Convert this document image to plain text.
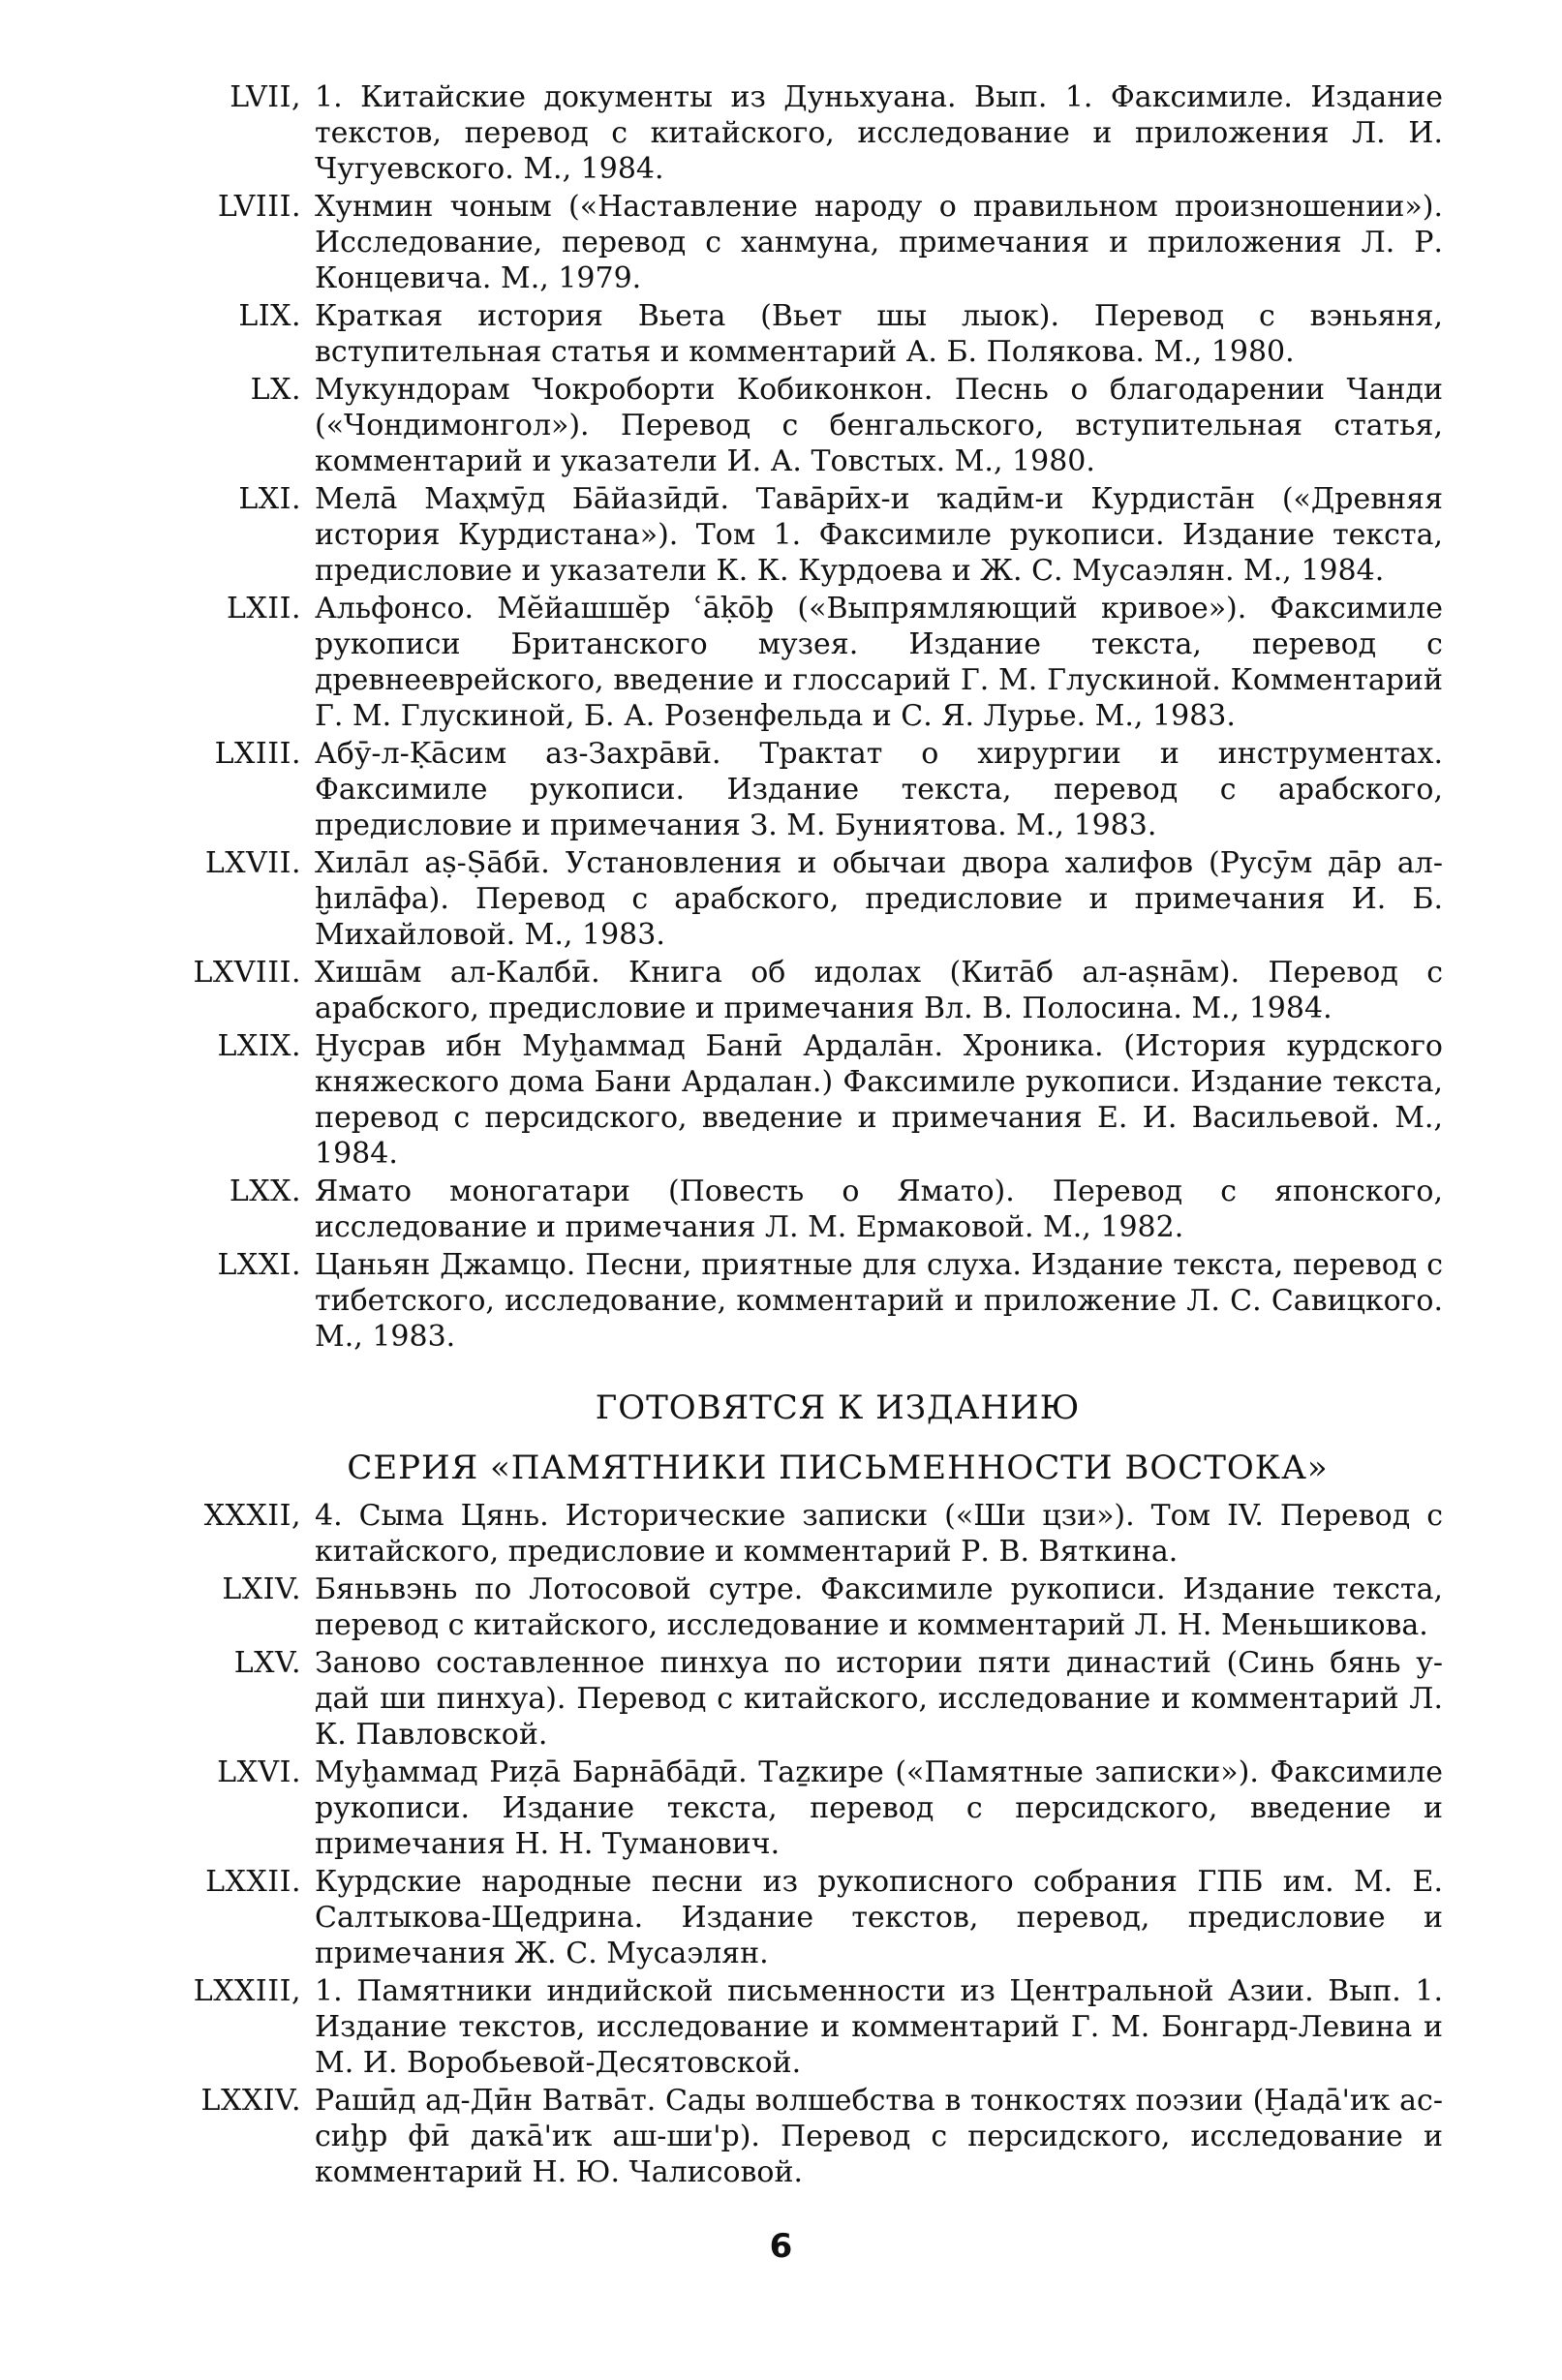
LVII, 1. Китайские документы из Дуньхуана. Вып. 1. Факсимиле. Издание текстов, перевод с китайского, исследование и приложения Л. И. Чугуевского. М., 1984.
LVIII. Хунмин чоным («Наставление народу о правильном произношении»). Исследование, перевод с ханмуна, примечания и приложения Л. Р. Концевича. М., 1979.
LIX. Краткая история Вьета (Вьет шы лыок). Перевод с вэньяня, вступительная статья и комментарий А. Б. Полякова. М., 1980.
LX. Мукундорам Чокроборти Кобиконкон. Песнь о благодарении Чанди («Чондимонгол»). Перевод с бенгальского, вступительная статья, комментарий и указатели И. А. Товстых. М., 1980.
LXI. Мелā Маҳмӯд Бāйазӣдӣ. Тавāрӣх-и ҡадӣм-и Курдистāн («Древняя история Курдистана»). Том 1. Факсимиле рукописи. Издание текста, предисловие и указатели К. К. Курдоева и Ж. С. Мусаэлян. М., 1984.
LXII. Альфонсо. Мӗйашшӗр ʿāḳōḇ («Выпрямляющий кривое»). Факсимиле рукописи Британского музея. Издание текста, перевод с древнееврейского, введение и глоссарий Г. М. Глускиной. Комментарий Г. М. Глускиной, Б. А. Розенфельда и С. Я. Лурье. М., 1983.
LXIII. Абӯ-л-Ḳāсим аз-Захрāвӣ. Трактат о хирургии и инструментах. Факсимиле рукописи. Издание текста, перевод с арабского, предисловие и примечания З. М. Буниятова. М., 1983.
LXVII. Хилāл аṣ-Ṣāбӣ. Установления и обычаи двора халифов (Русӯм дāр ал-ḫилāфа). Перевод с арабского, предисловие и примечания И. Б. Михайловой. М., 1983.
LXVIII. Хишāм ал-Калбӣ. Книга об идолах (Китāб ал-аṣнāм). Перевод с арабского, предисловие и примечания Вл. В. Полосина. М., 1984.
LXIX. Ḫусрав ибн Муḫаммад Банӣ Ардалāн. Хроника. (История курдского княжеского дома Бани Ардалан.) Факсимиле рукописи. Издание текста, перевод с персидского, введение и примечания Е. И. Васильевой. М., 1984.
LXX. Ямато моногатари (Повесть о Ямато). Перевод с японского, исследование и примечания Л. М. Ермаковой. М., 1982.
LXXI. Цаньян Джамцо. Песни, приятные для слуха. Издание текста, перевод с тибетского, исследование, комментарий и приложение Л. С. Савицкого. М., 1983.
ГОТОВЯТСЯ К ИЗДАНИЮ
СЕРИЯ «ПАМЯТНИКИ ПИСЬМЕННОСТИ ВОСТОКА»
XXXII, 4. Сыма Цянь. Исторические записки («Ши цзи»). Том IV. Перевод с китайского, предисловие и комментарий Р. В. Вяткина.
LXIV. Бяньвэнь по Лотосовой сутре. Факсимиле рукописи. Издание текста, перевод с китайского, исследование и комментарий Л. Н. Меньшикова.
LXV. Заново составленное пинхуа по истории пяти династий (Синь бянь у-дай ши пинхуа). Перевод с китайского, исследование и комментарий Л. К. Павловской.
LXVI. Муḫаммад Риẓā Барнāбāдӣ. Таẕкире («Памятные записки»). Факсимиле рукописи. Издание текста, перевод с персидского, введение и примечания Н. Н. Туманович.
LXXII. Курдские народные песни из рукописного собрания ГПБ им. М. Е. Салтыкова-Щедрина. Издание текстов, перевод, предисловие и примечания Ж. С. Мусаэлян.
LXXIII, 1. Памятники индийской письменности из Центральной Азии. Вып. 1. Издание текстов, исследование и комментарий Г. М. Бонгард-Левина и М. И. Воробьевой-Десятовской.
LXXIV. Рашӣд ад-Дӣн Ватвāт. Сады волшебства в тонкостях поэзии (Ḫадā'иҡ ас-сиḫр фӣ даҡā'иҡ аш-ши'р). Перевод с персидского, исследование и комментарий Н. Ю. Чалисовой.
6
